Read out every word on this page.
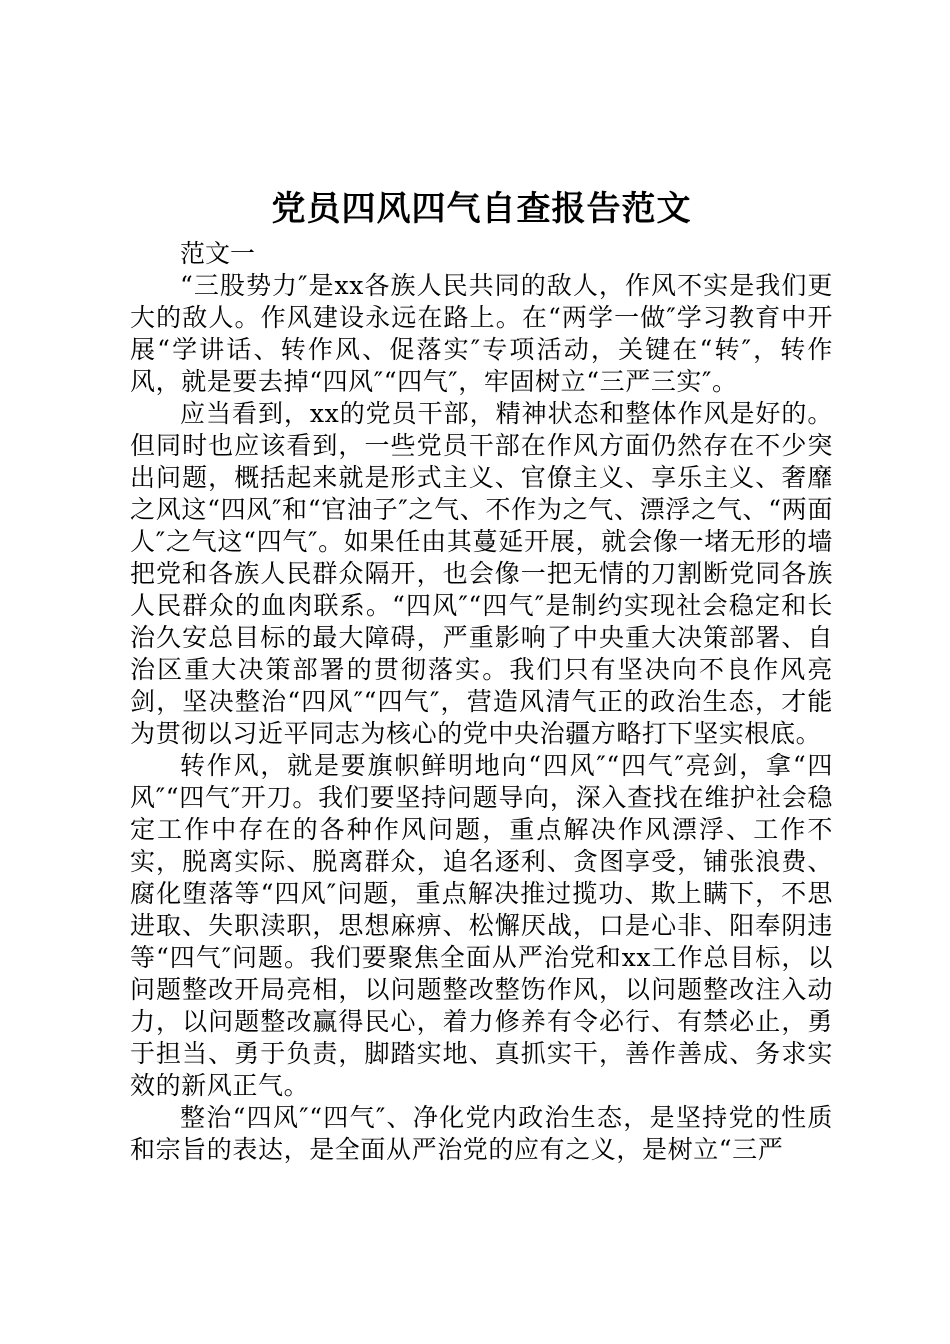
党员四风四气自查报告范文

范文一

“三股势力″是xx各族人民共同的敌人，作风不实是我们更大的敌人。作风建设永远在路上。在“两学一做″学习教育中开展“学讲话、转作风、促落实″专项活动，关键在“转″，转作风，就是要去掉“四风″“四气″，牢固树立“三严三实″。

应当看到，xx的党员干部，精神状态和整体作风是好的。但同时也应该看到，一些党员干部在作风方面仍然存在不少突出问题，概括起来就是形式主义、官僚主义、享乐主义、奢靡之风这“四风″和“官油子″之气、不作为之气、漂浮之气、“两面人″之气这“四气″。如果任由其蔓延开展，就会像一堵无形的墙把党和各族人民群众隔开，也会像一把无情的刀割断党同各族人民群众的血肉联系。“四风″“四气″是制约实现社会稳定和长治久安总目标的最大障碍，严重影响了中央重大决策部署、自治区重大决策部署的贯彻落实。我们只有坚决向不良作风亮剑，坚决整治“四风″“四气″，营造风清气正的政治生态，才能为贯彻以习近平同志为核心的党中央治疆方略打下坚实根底。

转作风，就是要旗帜鲜明地向“四风″“四气″亮剑，拿“四风″“四气″开刀。我们要坚持问题导向，深入查找在维护社会稳定工作中存在的各种作风问题，重点解决作风漂浮、工作不实，脱离实际、脱离群众，追名逐利、贪图享受，铺张浪费、腐化堕落等“四风″问题，重点解决推过揽功、欺上瞒下，不思进取、失职渎职，思想麻痹、松懈厌战，口是心非、阳奉阴违等“四气″问题。我们要聚焦全面从严治党和xx工作总目标，以问题整改开局亮相，以问题整改整饬作风，以问题整改注入动力，以问题整改赢得民心，着力修养有令必行、有禁必止，勇于担当、勇于负责，脚踏实地、真抓实干，善作善成、务求实效的新风正气。

整治“四风″“四气″、净化党内政治生态，是坚持党的性质和宗旨的表达，是全面从严治党的应有之义，是树立“三严
